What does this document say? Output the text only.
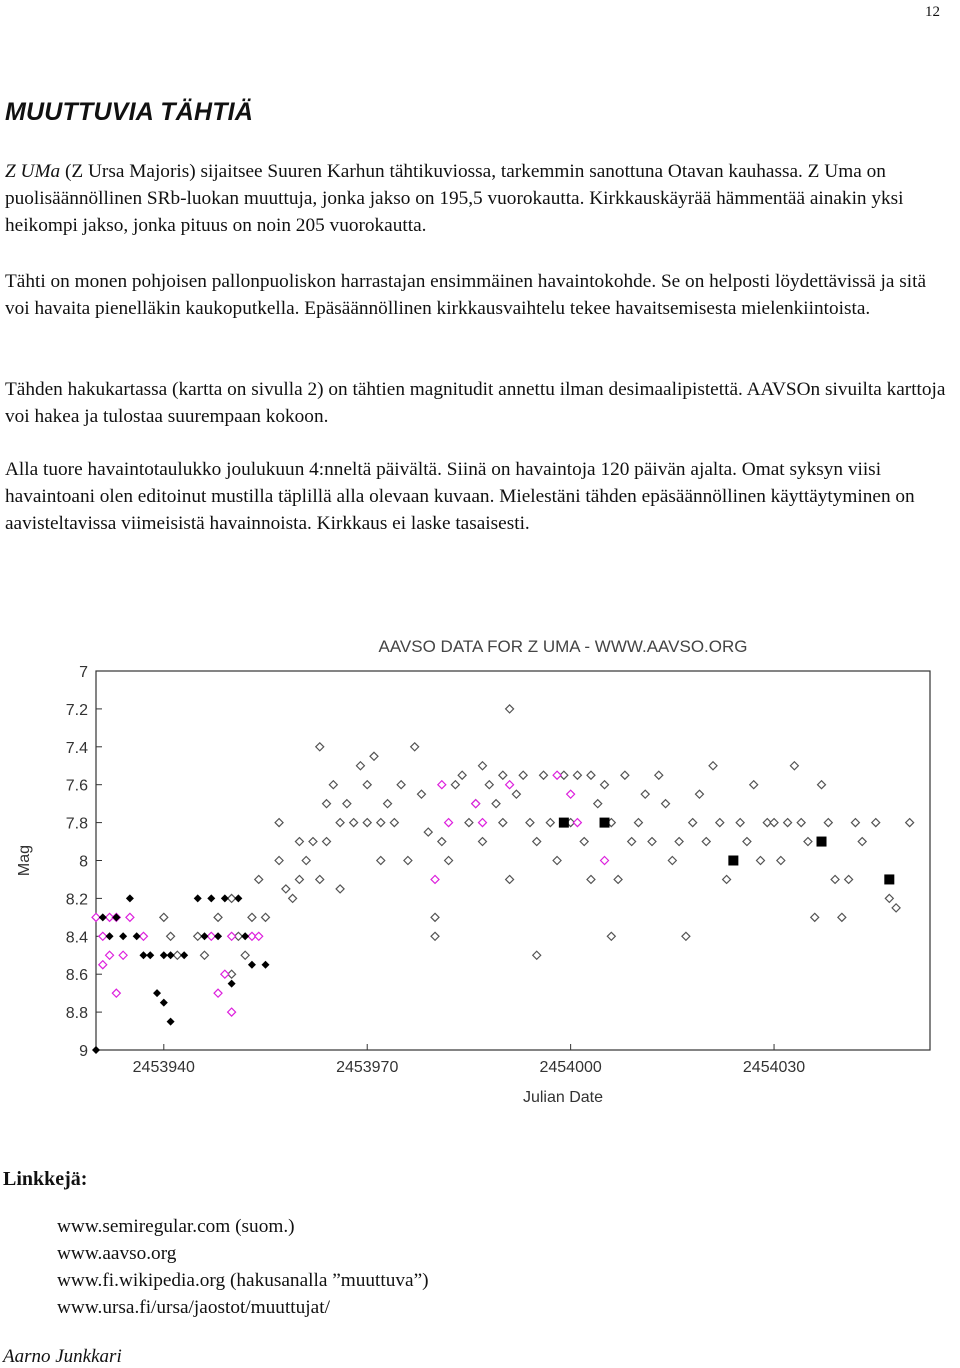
12
MUUTTUVIA TÄHTIÄ

Z UMa (Z Ursa Majoris) sijaitsee Suuren Karhun tähtikuviossa, tarkemmin sanottuna Otavan kauhassa. Z Uma on puolisäännöllinen SRb-luokan muuttuja, jonka jakso on 195,5 vuorokautta. Kirkkauskäyrää hämmentää ainakin yksi heikompi jakso, jonka pituus on noin 205 vuorokautta.

Tähti on monen pohjoisen pallonpuoliskon harrastajan ensimmäinen havaintokohde. Se on helposti löydettävissä ja sitä voi havaita pienelläkin kaukoputkella. Epäsäännöllinen kirkkausvaihtelu tekee havaitsemisesta mielenkiintoista.

Tähden hakukartassa (kartta on sivulla 2) on tähtien magnitudit annettu ilman desimaalipistettä. AAVSOn sivuilta karttoja voi hakea ja tulostaa suurempaan kokoon.

Alla tuore havaintotaulukko joulukuun 4:nneltä päivältä. Siinä on havaintoja 120 päivän ajalta. Omat syksyn viisi havaintoani olen editoinut mustilla täplillä alla olevaan kuvaan. Mielestäni tähden epäsäännöllinen käyttäytyminen on aavisteltavissa viimeisistä havainnoista. Kirkkaus ei laske tasaisesti.

AAVSO DATA FOR Z UMA - WWW.AAVSO.ORG
7
7.2
7.4
7.6
7.8
8
8.2
8.4
8.6
8.8
9
2453940	2453970	2454000	2454030
Julian Date
Mag
Linkkejä:
www.semiregular.com (suom.)
www.aavso.org
www.fi.wikipedia.org (hakusanalla ”muuttuva”)
www.ursa.fi/ursa/jaostot/muuttujat/
Aarno Junkkari
